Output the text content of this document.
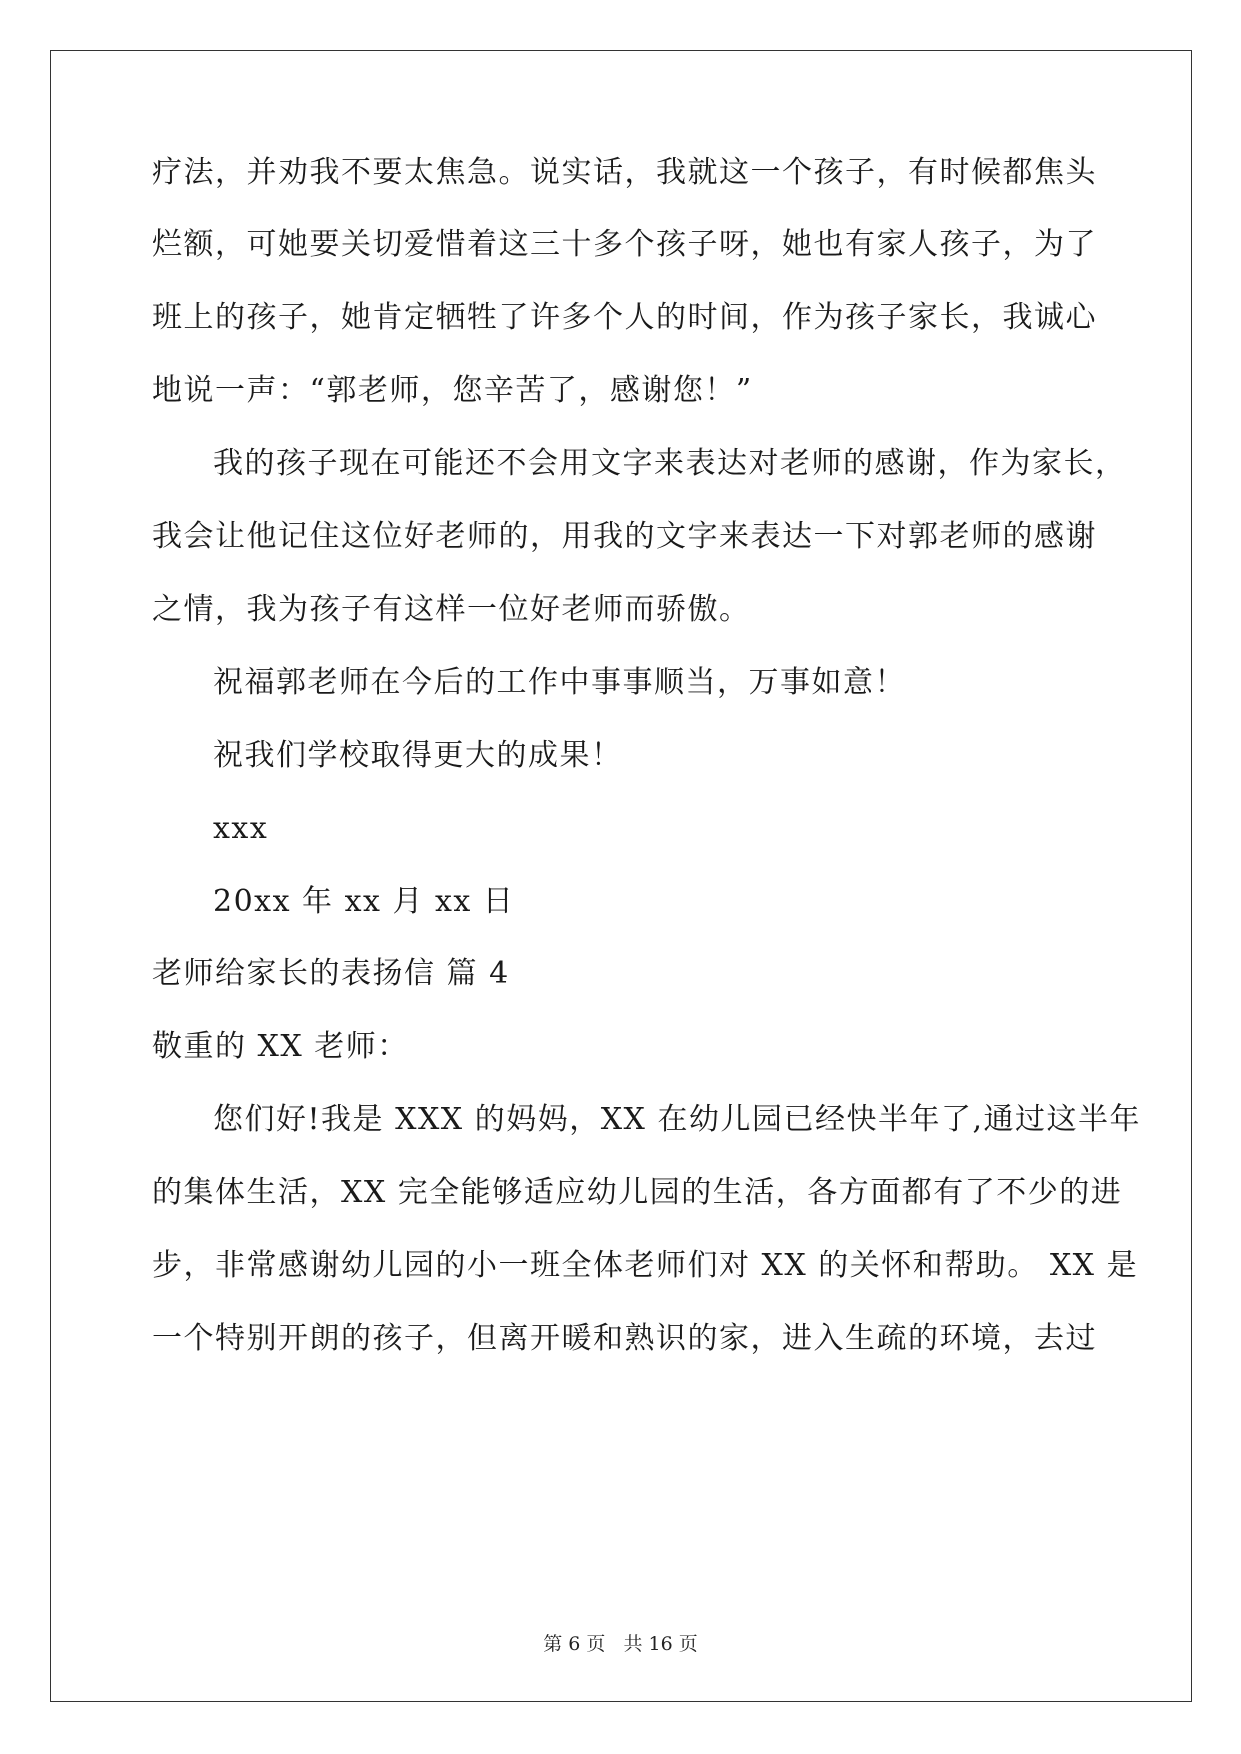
疗法，并劝我不要太焦急。说实话，我就这一个孩子，有时候都焦头
烂额，可她要关切爱惜着这三十多个孩子呀，她也有家人孩子，为了
班上的孩子，她肯定牺牲了许多个人的时间，作为孩子家长，我诚心
地说一声：“郭老师，您辛苦了，感谢您！”
我的孩子现在可能还不会用文字来表达对老师的感谢，作为家长，
我会让他记住这位好老师的，用我的文字来表达一下对郭老师的感谢
之情，我为孩子有这样一位好老师而骄傲。
祝福郭老师在今后的工作中事事顺当，万事如意！
祝我们学校取得更大的成果！
xxx
20xx 年 xx 月 xx 日
老师给家长的表扬信 篇 4
敬重的 XX 老师：
您们好!我是 XXX 的妈妈，XX 在幼儿园已经快半年了,通过这半年
的集体生活，XX 完全能够适应幼儿园的生活，各方面都有了不少的进
步，非常感谢幼儿园的小一班全体老师们对 XX 的关怀和帮助。 XX 是
一个特别开朗的孩子，但离开暖和熟识的家，进入生疏的环境，去过
第 6 页 共 16 页
